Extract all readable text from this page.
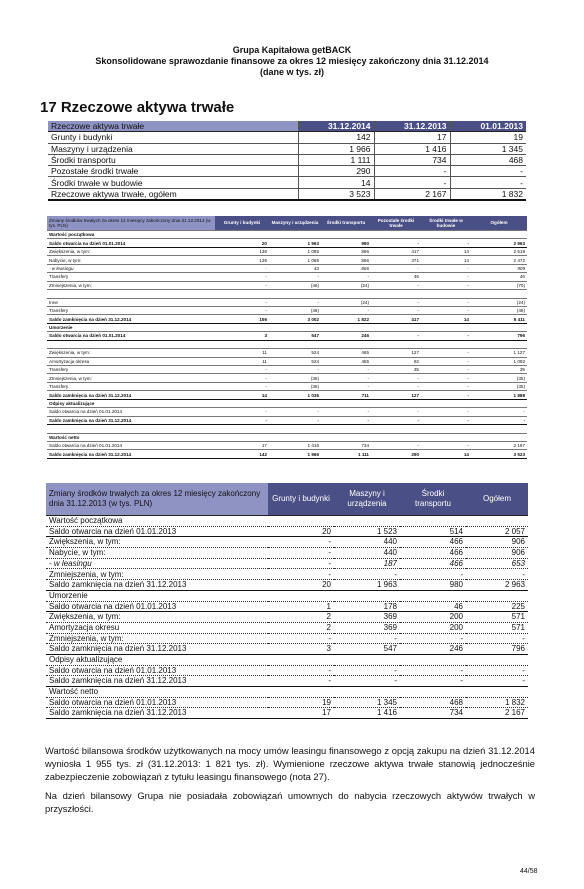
Grupa Kapitałowa getBACK
Skonsolidowane sprawozdanie finansowe za okres 12 miesięcy zakończony dnia 31.12.2014
(dane w tys. zł)
17 Rzeczowe aktywa trwałe
Rzeczowe aktywa trwałe	31.12.2014	31.12.2013	01.01.2013
Grunty i budynki	142	17	19
Maszyny i urządzenia	1 966	1 416	1 345
Środki transportu	1 111	734	468
Pozostałe środki trwałe	290	-	-
Środki trwałe w budowie	14	-	-
Rzeczowe aktywa trwałe, ogółem	3 523	2 167	1 832
Zmiany środków trwałych za okres 12 miesięcy zakończony dnia 31.12.2014 (w tys. PLN)	Grunty i budynki	Maszyny i urządzenia	Środki transportu	Pozostałe środki trwałe	Środki trwałe w budowie	Ogółem
Wartość początkowa						
Saldo otwarcia na dzień 01.01.2014	20	1 963	980	-	-	2 963
Zwiększenia, w tym:	136	1 085	866	417	14	2 518
Nabycie, w tym:	136	1 085	866	371	14	2 472
- w leasingu	-	43	866	-	-	909
Transfery	-	-	-	46	-	46
Zmniejszenia, w tym:	-	(46)	(24)	-	-	(70)

Inne	-	-	(24)	-	-	(24)
Transfery	-	(46)	-	-	-	(46)
Saldo zamknięcia na dzień 31.12.2014	156	3 002	1 822	417	14	5 411
Umorzenie						
Saldo otwarcia na dzień 01.01.2014	3	547	246	-	-	796

Zwiększenia, w tym:	11	524	465	127	-	1 127
Amortyzacja okresu	11	524	465	92	-	1 092
Transfery	-	-	-	35	-	35
Zmniejszenia, w tym:	-	(35)	-	-	-	(35)
Transfery	-	(35)	-	-	-	(35)
Saldo zamknięcia na dzień 31.12.2014	14	1 036	711	127	-	1 888
Odpisy aktualizujące						
Saldo otwarcia na dzień 01.01.2014	-	-	-	-	-	-
Saldo zamknięcia na dzień 31.12.2014	-	-	-	-	-	-

Wartość netto						
Saldo otwarcia na dzień 01.01.2014	17	1 416	734	-	-	2 167
Saldo zamknięcia na dzień 31.12.2014	142	1 966	1 111	290	14	3 523
Zmiany środków trwałych za okres 12 miesięcy zakończony dnia 31.12.2013 (w tys. PLN)	Grunty i budynki	Maszyny i urządzenia	Środki transportu	Ogółem
Wartość początkowa				
Saldo otwarcia na dzień 01.01.2013	20	1 523	514	2 057
Zwiększenia, w tym:	-	440	466	906
Nabycie, w tym:	-	440	466	906
- w leasingu	-	187	466	653
Zmniejszenia, w tym:	-	-	-	-
Saldo zamknięcia na dzień 31.12.2013	20	1 963	980	2 963
Umorzenie				
Saldo otwarcia na dzień 01.01.2013	1	178	46	225
Zwiększenia, w tym:	2	369	200	571
Amortyzacja okresu	2	369	200	571
Zmniejszenia, w tym:	-	-	-	-
Saldo zamknięcia na dzień 31.12.2013	3	547	246	796
Odpisy aktualizujące				
Saldo otwarcia na dzień 01.01.2013	-	-	-	-
Saldo zamknięcia na dzień 31.12.2013	-	-	-	-
Wartość netto				
Saldo otwarcia na dzień 01.01.2013	19	1 345	468	1 832
Saldo zamknięcia na dzień 31.12.2013	17	1 416	734	2 167
Wartość bilansowa środków użytkowanych na mocy umów leasingu finansowego z opcją zakupu na dzień 31.12.2014 wyniosła 1 955 tys. zł (31.12.2013: 1 821 tys. zł). Wymienione rzeczowe aktywa trwałe stanowią jednocześnie zabezpieczenie zobowiązań z tytułu leasingu finansowego (nota 27).
Na dzień bilansowy Grupa nie posiadała zobowiązań umownych do nabycia rzeczowych aktywów trwałych w przyszłości.
44/58
